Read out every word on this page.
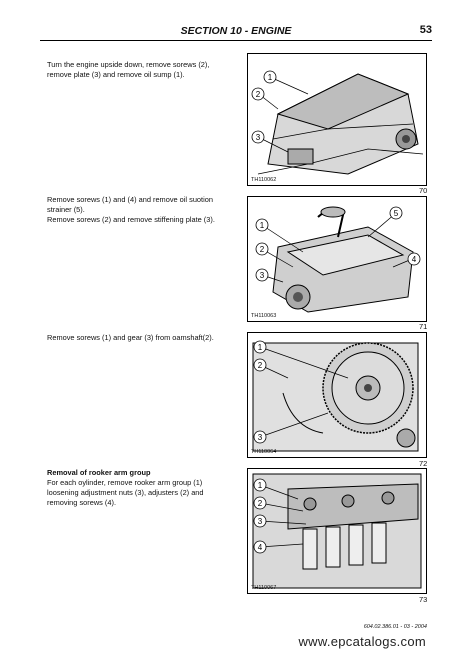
SECTION 10 - ENGINE	53

Turn the engine upside down, remove sorews (2), remove plate (3) and remove oil sump (1).	1
2
3
TH110062
70

Remove sorews (1) and (4) and remove oil suotion strainer (5).

Remove sorews (2) and remove stiffening plate (3).

1
2
3
4
5
TH110063
71

Remove sorews (1) and gear (3) from oamshaft(2).

1
2
3
TH110064
72

Removal of rooker arm group

For each oylinder, remove rooker arm group (1) loosening adjustment nuts (3), adjusters (2) and removing sorews (4).

1
2
3
4
TH110067
73
604.02.386.01 - 03 - 2004
www.epcatalogs.com
